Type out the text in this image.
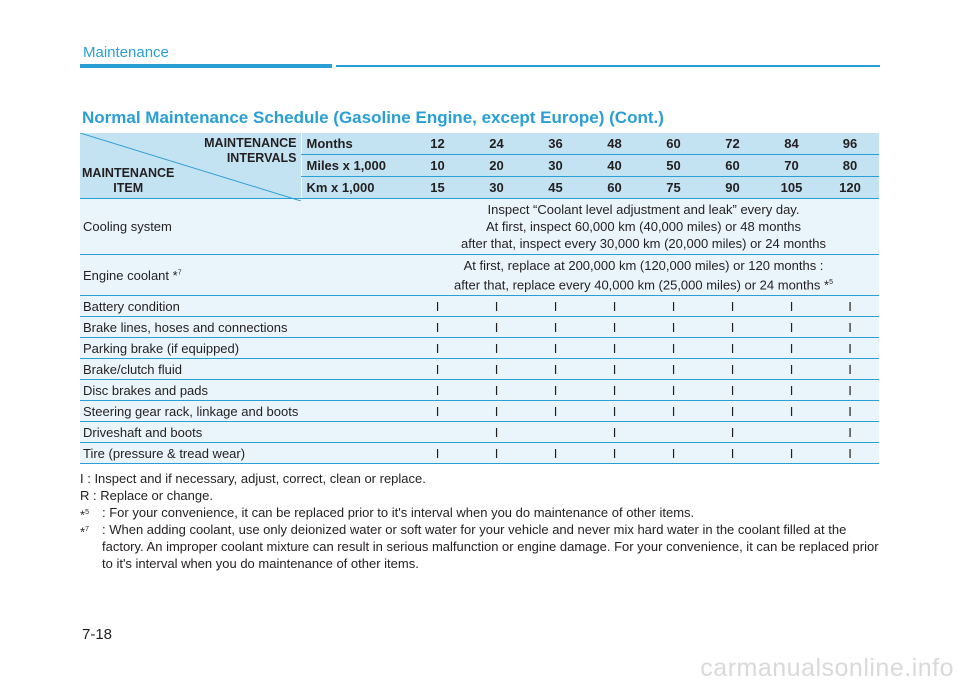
Maintenance
Normal Maintenance Schedule (Gasoline Engine, except Europe) (Cont.)
MAINTENANCE
INTERVALS
MAINTENANCE
ITEM	Months	12	24	36	48	60	72	84	96
	Miles x 1,000	10	20	30	40	50	60	70	80
	Km x 1,000	15	30	45	60	75	90	105	120
Cooling system		Inspect “Coolant level adjustment and leak” every day.
At first, inspect 60,000 km (40,000 miles) or 48 months
after that, inspect every 30,000 km (20,000 miles) or 24 months							

Engine coolant *$^7$		At first, replace at 200,000 km (120,000 miles) or 120 months :
after that, replace every 40,000 km (25,000 miles) or 24 months *$^5$

Battery condition		I	I	I	I	I	I	I	I
Brake lines, hoses and connections		I	I	I	I	I	I	I	I
Parking brake (if equipped)		I	I	I	I	I	I	I	I
Brake/clutch fluid		I	I	I	I	I	I	I	I
Disc brakes and pads		I	I	I	I	I	I	I	I
Steering gear rack, linkage and boots		I	I	I	I	I	I	I	I
Driveshaft and boots			I		I		I		I
Tire (pressure & tread wear)		I	I	I	I	I	I	I	I
I : Inspect and if necessary, adjust, correct, clean or replace.
R : Replace or change.
*$^5$ : For your convenience, it can be replaced prior to it's interval when you do maintenance of other items.
*$^7$ : When adding coolant, use only deionized water or soft water for your vehicle and never mix hard water in the coolant filled at the factory. An improper coolant mixture can result in serious malfunction or engine damage. For your convenience, it can be replaced prior to it's interval when you do maintenance of other items.
7-18
carmanualsonline.info
